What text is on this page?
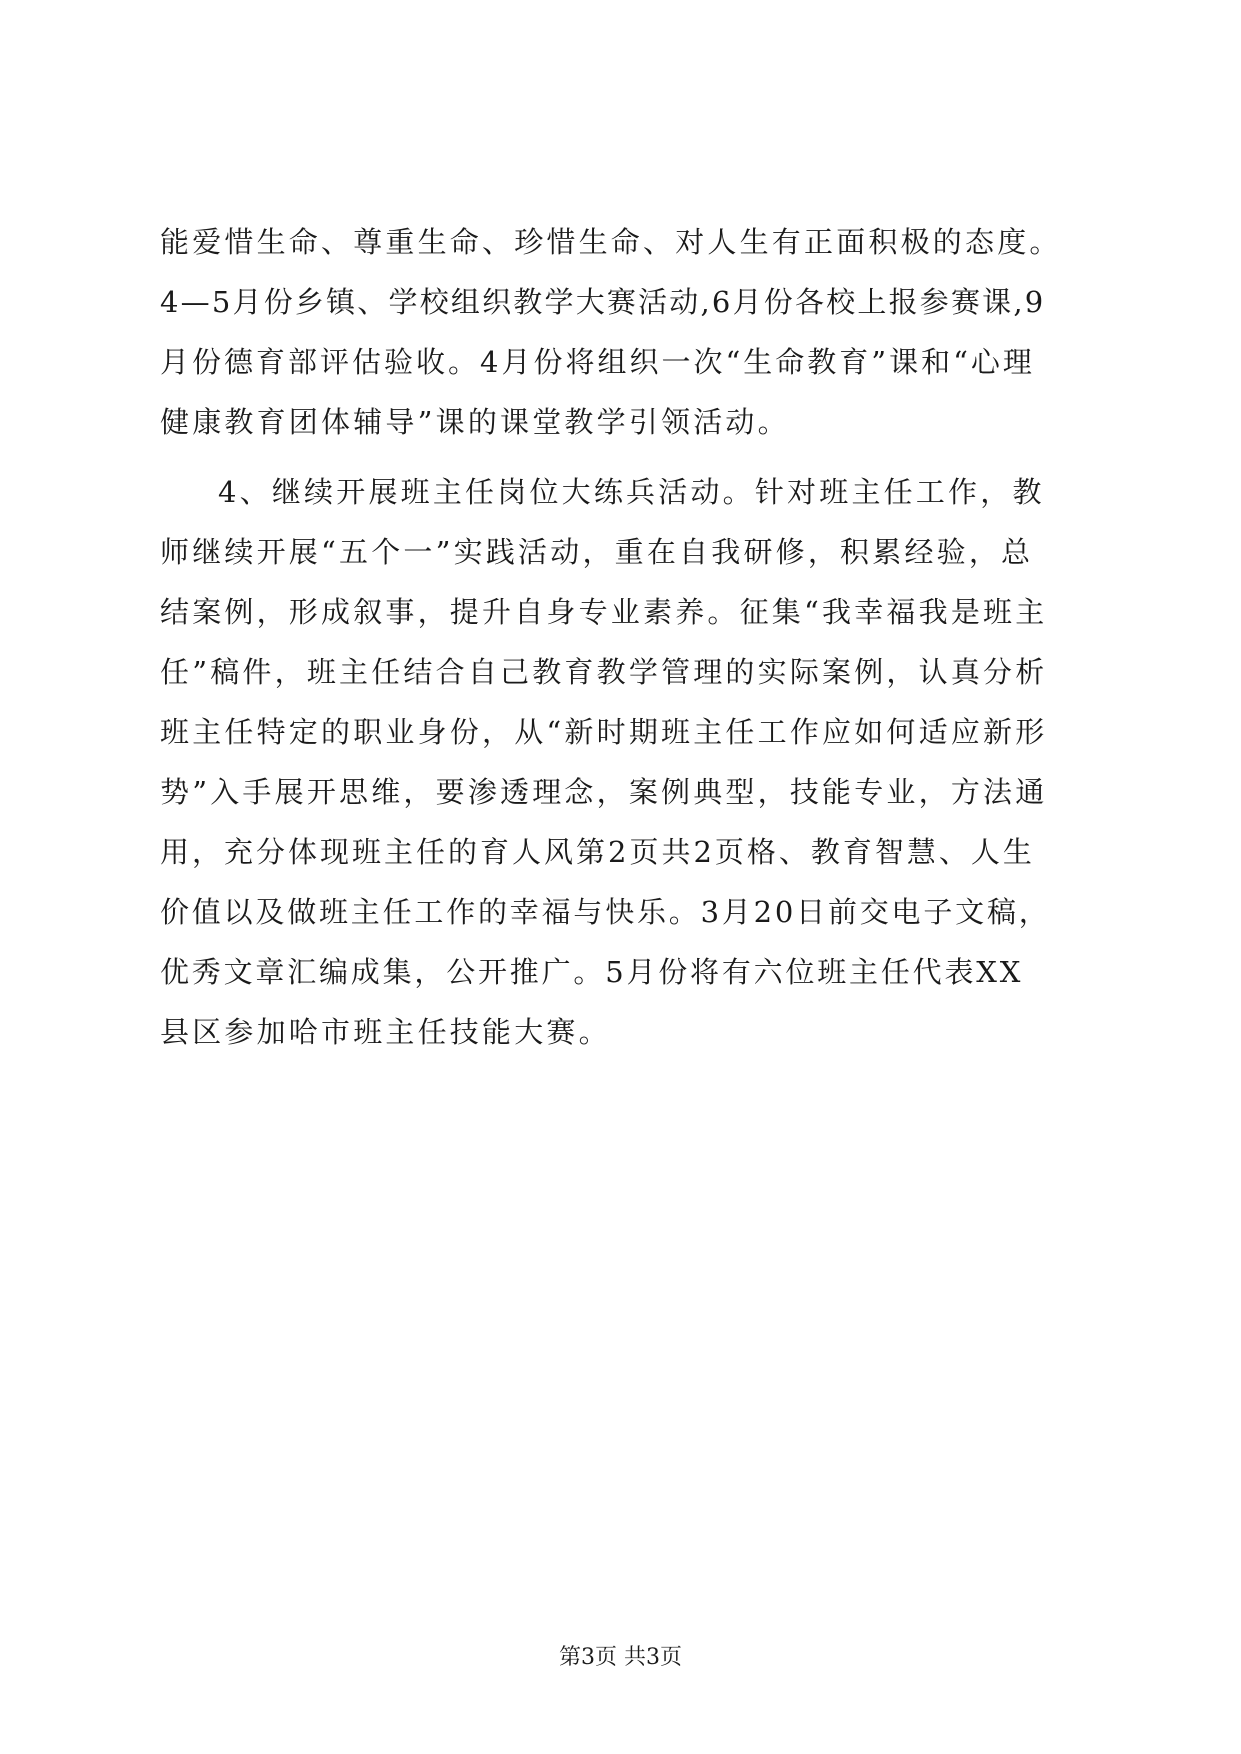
能爱惜生命、尊重生命、珍惜生命、对人生有正面积极的态度。
4—5月份乡镇、学校组织教学大赛活动,6月份各校上报参赛课,9
月份德育部评估验收。4月份将组织一次“生命教育”课和“心理
健康教育团体辅导”课的课堂教学引领活动。
4、继续开展班主任岗位大练兵活动。针对班主任工作，教
师继续开展“五个一”实践活动，重在自我研修，积累经验，总
结案例，形成叙事，提升自身专业素养。征集“我幸福我是班主
任”稿件，班主任结合自己教育教学管理的实际案例，认真分析
班主任特定的职业身份，从“新时期班主任工作应如何适应新形
势”入手展开思维，要渗透理念，案例典型，技能专业，方法通
用，充分体现班主任的育人风第2页共2页格、教育智慧、人生
价值以及做班主任工作的幸福与快乐。3月20日前交电子文稿，
优秀文章汇编成集，公开推广。5月份将有六位班主任代表XX
县区参加哈市班主任技能大赛。
第3页 共3页
